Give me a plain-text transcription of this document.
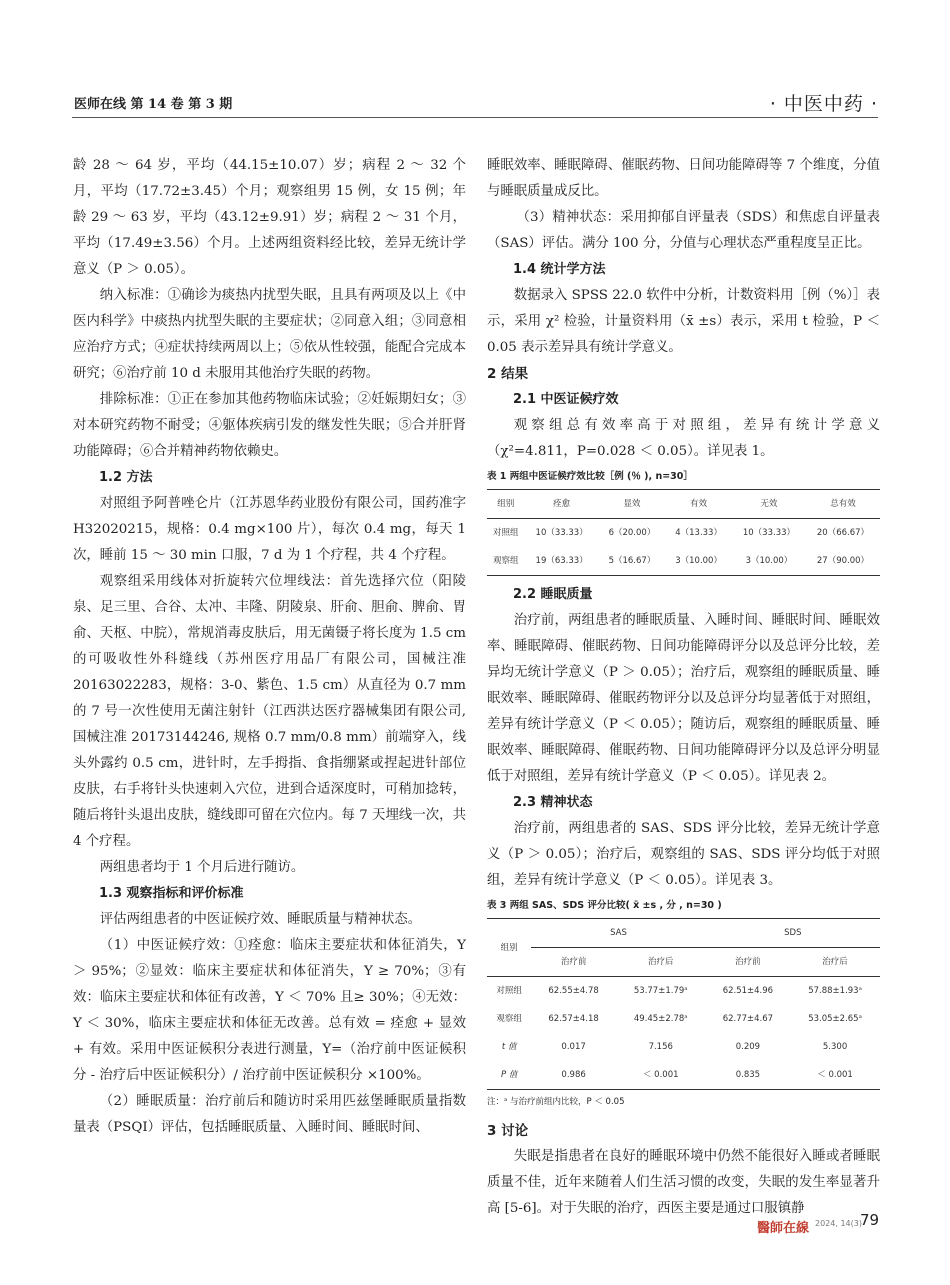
医师在线 第 14 卷 第 3 期	· 中医中药 ·

龄 28 ～ 64 岁，平均（44.15±10.07）岁；病程 2 ～ 32 个月，平均（17.72±3.45）个月；观察组男 15 例，女 15 例；年龄 29 ～ 63 岁，平均（43.12±9.91）岁；病程 2 ～ 31 个月，平均（17.49±3.56）个月。上述两组资料经比较，差异无统计学意义（P ＞ 0.05）。

纳入标准：①确诊为痰热内扰型失眠，且具有两项及以上《中医内科学》中痰热内扰型失眠的主要症状；②同意入组；③同意相应治疗方式；④症状持续两周以上；⑤依从性较强，能配合完成本研究；⑥治疗前 10 d 未服用其他治疗失眠的药物。

排除标准：①正在参加其他药物临床试验；②妊娠期妇女；③对本研究药物不耐受；④躯体疾病引发的继发性失眠；⑤合并肝肾功能障碍；⑥合并精神药物依赖史。

1.2 方法

对照组予阿普唑仑片（江苏恩华药业股份有限公司，国药准字 H32020215，规格：0.4 mg×100 片），每次 0.4 mg，每天 1 次，睡前 15 ～ 30 min 口服，7 d 为 1 个疗程，共 4 个疗程。

观察组采用线体对折旋转穴位埋线法：首先选择穴位（阳陵泉、足三里、合谷、太冲、丰隆、阴陵泉、肝俞、胆俞、脾俞、胃俞、天枢、中脘），常规消毒皮肤后，用无菌镊子将长度为 1.5 cm 的可吸收性外科缝线（苏州医疗用品厂有限公司，国械注准 20163022283，规格：3-0、紫色、1.5 cm）从直径为 0.7 mm 的 7 号一次性使用无菌注射针（江西洪达医疗器械集团有限公司, 国械注准 20173144246, 规格 0.7 mm/0.8 mm）前端穿入，线头外露约 0.5 cm，进针时，左手拇指、食指绷紧或捏起进针部位皮肤，右手将针头快速刺入穴位，进到合适深度时，可稍加捻转，随后将针头退出皮肤，缝线即可留在穴位内。每 7 天埋线一次，共 4 个疗程。

两组患者均于 1 个月后进行随访。

1.3 观察指标和评价标准

评估两组患者的中医证候疗效、睡眠质量与精神状态。

（1）中医证候疗效：①痊愈：临床主要症状和体征消失，Y ＞ 95%；②显效：临床主要症状和体征消失，Y ≥ 70%；③有效：临床主要症状和体征有改善，Y ＜ 70% 且≥ 30%；④无效：Y ＜ 30%，临床主要症状和体征无改善。总有效 = 痊愈 + 显效 + 有效。采用中医证候积分表进行测量，Y=（治疗前中医证候积分 - 治疗后中医证候积分）/ 治疗前中医证候积分 ×100%。

（2）睡眠质量：治疗前后和随访时采用匹兹堡睡眠质量指数量表（PSQI）评估，包括睡眠质量、入睡时间、睡眠时间、

睡眠效率、睡眠障碍、催眠药物、日间功能障碍等 7 个维度，分值与睡眠质量成反比。

（3）精神状态：采用抑郁自评量表（SDS）和焦虑自评量表（SAS）评估。满分 100 分，分值与心理状态严重程度呈正比。

1.4 统计学方法

数据录入 SPSS 22.0 软件中分析，计数资料用［例（%）］表示，采用 χ² 检验，计量资料用（x̄ ±s）表示，采用 t 检验，P ＜ 0.05 表示差异具有统计学意义。

2 结果
2.1 中医证候疗效

观察组总有效率高于对照组，差异有统计学意义（χ²=4.811，P=0.028 ＜ 0.05）。详见表 1。

表 1 两组中医证候疗效比较［例 (％ ), n=30］
组别	痊愈	显效	有效	无效	总有效
对照组	10（33.33）	6（20.00）	4（13.33）	10（33.33）	20（66.67）
观察组	19（63.33）	5（16.67）	3（10.00）	3（10.00）	27（90.00）
2.2 睡眠质量

治疗前，两组患者的睡眠质量、入睡时间、睡眠时间、睡眠效率、睡眠障碍、催眠药物、日间功能障碍评分以及总评分比较，差异均无统计学意义（P ＞ 0.05）；治疗后，观察组的睡眠质量、睡眠效率、睡眠障碍、催眠药物评分以及总评分均显著低于对照组，差异有统计学意义（P ＜ 0.05）；随访后，观察组的睡眠质量、睡眠效率、睡眠障碍、催眠药物、日间功能障碍评分以及总评分明显低于对照组，差异有统计学意义（P ＜ 0.05）。详见表 2。

2.3 精神状态

治疗前，两组患者的 SAS、SDS 评分比较，差异无统计学意义（P ＞ 0.05）；治疗后，观察组的 SAS、SDS 评分均低于对照组，差异有统计学意义（P ＜ 0.05）。详见表 3。

表 3 两组 SAS、SDS 评分比较( x̄ ±s , 分 , n=30 )
组别	SAS		SDS	
	治疗前	治疗后	治疗前	治疗后
对照组	62.55±4.78	53.77±1.79ᵃ	62.51±4.96	57.88±1.93ᵃ
观察组	62.57±4.18	49.45±2.78ᵃ	62.77±4.67	53.05±2.65ᵃ
t 值	0.017	7.156	0.209	5.300
P 值	0.986	＜ 0.001	0.835	＜ 0.001
注：ᵃ 与治疗前组内比较，P ＜ 0.05
3 讨论

失眠是指患者在良好的睡眠环境中仍然不能很好入睡或者睡眠质量不佳，近年来随着人们生活习惯的改变，失眠的发生率显著升高 [5-6]。对于失眠的治疗，西医主要是通过口服镇静

醫師在線 2024, 14(3)
79
